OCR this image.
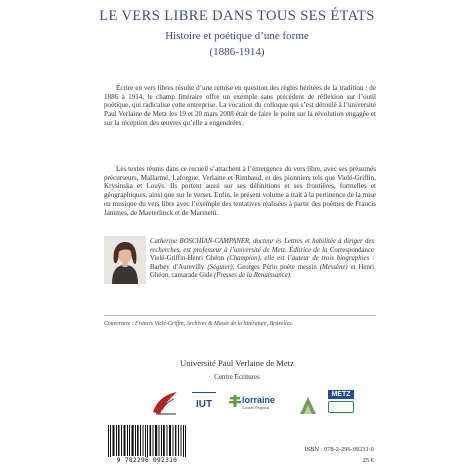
LE VERS LIBRE DANS TOUS SES ÉTATS
Histoire et poétique d’une forme
(1886-1914)

Écrire en vers libres résulte d’une remise en question des règles héritées de la tradition : de 1886 à 1914, le champ littéraire offre un exemple sans précédent de réflexion sur l’outil poétique, qui radicalise cette entreprise. La vocation du colloque qui s’est déroulé à l’université Paul Verlaine de Metz les 19 et 20 mars 2008 était de faire le point sur la révolution engagée et sur la réception des œuvres qu’elle a engendrées.

Les textes réunis dans ce recueil s’attachent à l’émergence du vers libre, avec ses présumés précurseurs, Mallarmé, Laforgue, Verlaine et Rimbaud, et des pionniers tels que Vielé-Griffin, Krysinska et Louÿs. Ils portent aussi sur ses définitions et ses frontières, formelles et géographiques, ainsi que sur le verset. Enfin, le présent volume a trait à la pertinence de la mise en musique du vers libre avec l’exemple des tentatives réalisées à partir des poèmes de Francis Jammes, de Maeterlinck et de Marinetti.

Catherine BOSCHIAN-CAMPANER, docteur ès Lettres et habilitée à diriger des recherches, est professeur à l’université de Metz. Éditrice de la Correspondance Vielé-Griffin-Henri Ghéon (Champion), elle est l’auteur de trois biographies : Barbey d’Aurevilly (Séguier), Georges Périn poète messin (Messène) et Henri Ghéon, camarade Gide (Presses de la Renaissance).

Couverture : Francis Vielé-Griffin, Archives & Musée de la littérature, Bruxelles.
Université Paul Verlaine de Metz
Centre Écritures
IUT	lorraine
Conseil Régional
METZ
9 782296 092310
ISBN : 978-2-296-09231-0
25 €
